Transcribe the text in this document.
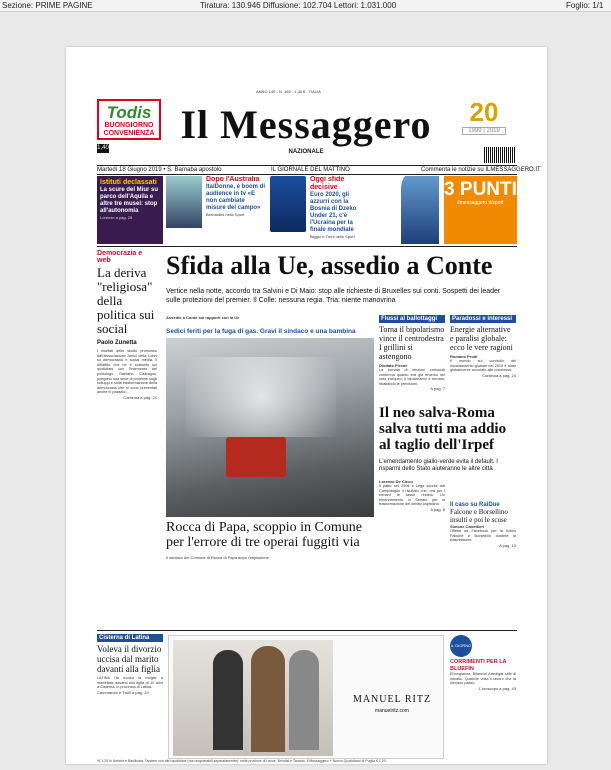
Sezione: PRIME PAGINE	Tiratura: 130.946 Diffusione: 102.704 Lettori: 1.031.000	Foglio: 1/1
ANNO 140 - N. 165 - 1,40 € - ITALIA
Todis
BUONGIORNO
CONVENIENZA Il Messaggero
NAZIONALE
20
1999 | 2019
1,40
Martedì 18 Giugno 2019 • S. Barnaba apostolo	IL GIORNALE DEL MATTINO	Commenta le notizie su ILMESSAGGERO.IT
Istituti declassati
La scure del Miur su parco dell'Aquila e altre tre musei: stop all'autonomia
Lorenzo a pag. 25
Dopo l'Australia
ItalDonne, è boom di audience in tv «E non cambiate misure del campo»
Bernardini nello Sport
Oggi sfide decisive
Euro 2020, gli azzurri con la Bosnia di Dzeko Under 21, c'è l'Ucraina per la finale mondiale
Biggio e Troni nello Sport
3 PUNTI
ilmessaggero.it/sport
Democrazia e web
La deriva "religiosa" della politica sui social
Paolo Zunetta
I risultati dello studio promosso dall'Associazione Amici della Luiss su democrazia e social media, il dibattito che ne è scaturito sui quotidiani con l'intervento del politologo Gaetano Cadragno, pongono una serie di problemi sugli sviluppi e sulla trasformazione della democrazia che si sono presentati anche in passato...
Continua a pag. 24
Sfida alla Ue, assedio a Conte
Vertice nella notte, accordo tra Salvini e Di Maio: stop alle richieste di Bruxelles sui conti. Sospetti dei leader sulle protezioni del premier. Il Colle: nessuna regia. Tria: niente manovrina
Assedio a Conte sui rapporti con la Ue
Sedici feriti per la fuga di gas. Gravi il sindaco e una bambina
Rocca di Papa, scoppio in Comune per l'errore di tre operai fuggiti via
Il sindaco del Comune di Rocca di Papa dopo l'esplosione
Flussi al ballottaggi
Torna il bipolarismo vince il centrodestra I grillini si astengono
Diodato Pirone
La tornata di elezioni comunali conferma quanto era già emerso nel voto europeo: il bipolarismo è tornato, ribaltando le previsioni.
A pag. 7
Paradossi e interessi
Energie alternative e paralisi globale: ecco le vere ragioni
Romano Prodi
Il mondo sul controllo del riscaldamento globale del 2019 è stato globalmente ancorato alle promesse.
Continua a pag. 24
Il neo salva-Roma salva tutti ma addio al taglio dell'Irpef
L'emendamento giallo-verde evita il default. I risparmi dello Stato aiuteranno le altre città
Lorenzo De Cicco
Il patto nel 2008 e Lega scorse dal Campidoglio il risultato che, ora per i romani le tasse restino. Un emendamento in Senato per la trasformazione del debito capitolino.
A pag. 8
Il caso su RaiDue
Falcone e Borsellino insulti e poi le scuse
Simone Canettieri
Offese su Facebook per la fiction Falcone e Borsellino durante la trasmissione.
A pag. 13
Cisterna di Latina
Voleva il divorzio uccisa dal marito davanti alla figlia
LATINA Ha ucciso la moglie a martellate davanti alla figlia di 10 anni a Cisterna, in provincia di Latina.
Cammaroto e Trulli a pag. 19
MANUEL RITZ
manuelritz.com
IL GIORNO
CORRIMENTI PER LA BLUEFIN
Ebongianna, Bilancio! Artedigar stile di navalio. Qualche volta il lavoro che la rilevano passo.
L'oroscopo a pag. 43
*€ 1,20 in Umbria e Basilicata. Tandem con altri quotidiani (non acquistabili separatamente): nelle province di Lecce, Brindisi e Taranto, Il Messaggero + Nuovo Quotidiano di Puglia € 1,20.
